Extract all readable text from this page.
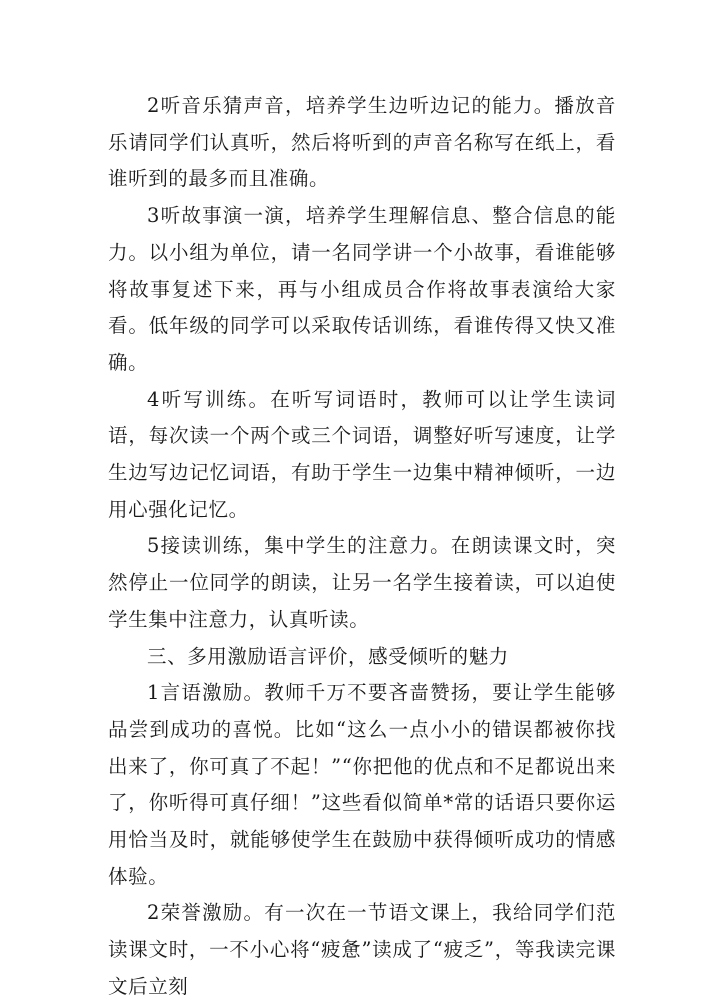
2听音乐猜声音，培养学生边听边记的能力。播放音乐请同学们认真听，然后将听到的声音名称写在纸上，看谁听到的最多而且准确。

3听故事演一演，培养学生理解信息、整合信息的能力。以小组为单位，请一名同学讲一个小故事，看谁能够将故事复述下来，再与小组成员合作将故事表演给大家看。低年级的同学可以采取传话训练，看谁传得又快又准确。

4听写训练。在听写词语时，教师可以让学生读词语，每次读一个两个或三个词语，调整好听写速度，让学生边写边记忆词语，有助于学生一边集中精神倾听，一边用心强化记忆。

5接读训练，集中学生的注意力。在朗读课文时，突然停止一位同学的朗读，让另一名学生接着读，可以迫使学生集中注意力，认真听读。

三、多用激励语言评价，感受倾听的魅力

1言语激励。教师千万不要吝啬赞扬，要让学生能够品尝到成功的喜悦。比如“这么一点小小的错误都被你找出来了，你可真了不起！”“你把他的优点和不足都说出来了，你听得可真仔细！”这些看似简单*常的话语只要你运用恰当及时，就能够使学生在鼓励中获得倾听成功的情感体验。

2荣誉激励。有一次在一节语文课上，我给同学们范读课文时，一不小心将“疲惫”读成了“疲乏”，等我读完课文后立刻
